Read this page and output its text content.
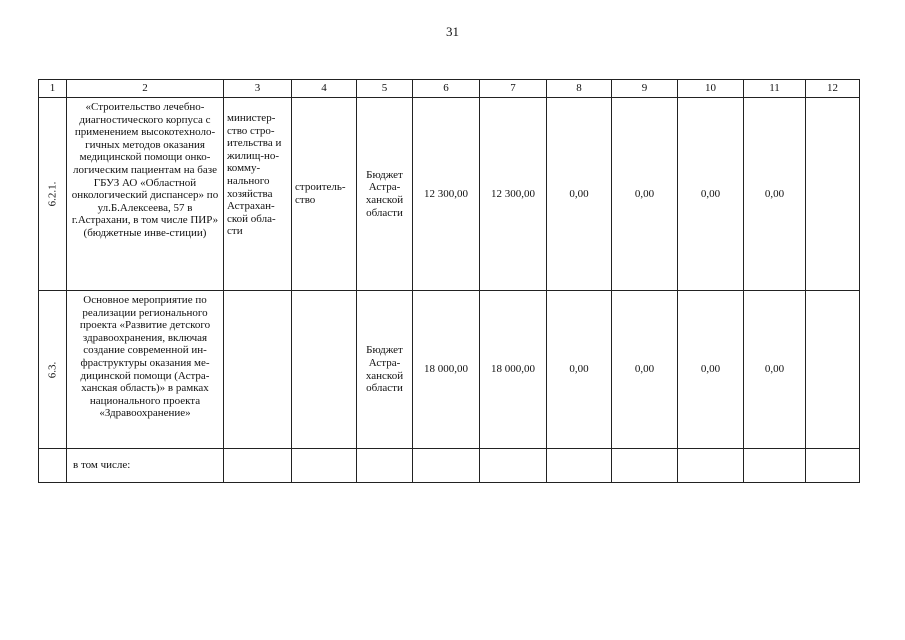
31
1	2	3	4	5	6	7	8	9	10	11	12

6.2.1.	«Строительство лечебно-диагностического корпуса с применением высокотехноло-гичных методов оказания медицинской помощи онко-логическим пациентам на базе ГБУЗ АО «Областной онкологический диспансер» по ул.Б.Алексеева, 57 в г.Астрахани, в том числе ПИР» (бюджетные инве-стиции)	министер-ство стро-ительства и жилищ-но-комму-нального хозяйства Астрахан-ской обла-сти	строитель-ство	Бюджет Астра-ханской области	12 300,00	12 300,00	0,00	0,00	0,00	0,00	

6.3.	Основное мероприятие по реализации регионального проекта «Развитие детского здравоохранения, включая создание современной ин-фраструктуры оказания ме-дицинской помощи (Астра-ханская область)» в рамках национального проекта «Здравоохранение»			Бюджет Астра-ханской области	18 000,00	18 000,00	0,00	0,00	0,00	0,00	

	в том числе:										
